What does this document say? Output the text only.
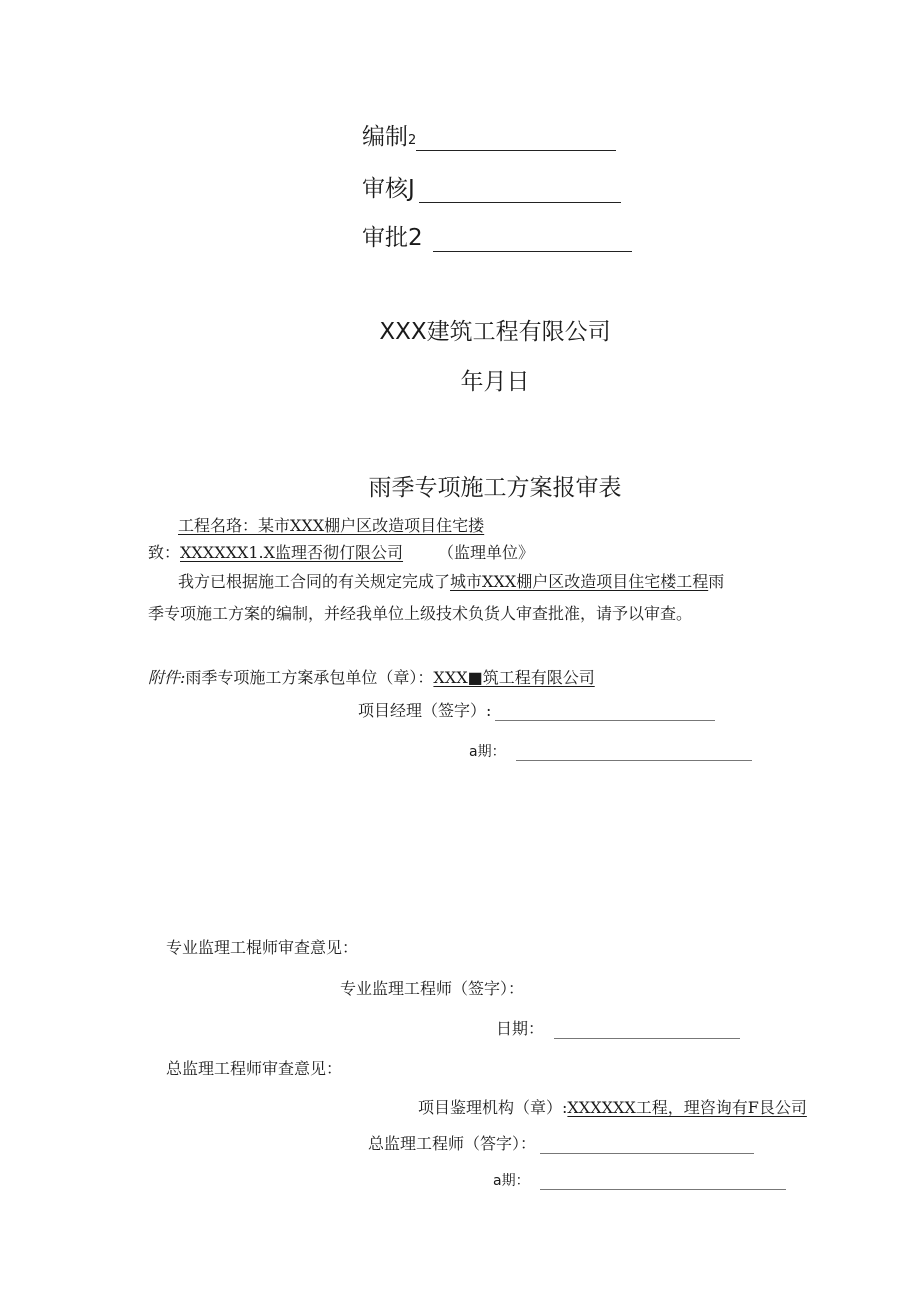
编制2
审核J
审批2
XXX建筑工程有限公司
年月日
雨季专项施工方案报审表
工程名珞：某市XXX棚户区改造项目住宅搂
致：XXXXXX1.X监理否彻仃限公司 （监理单位》
我方已根据施工合同的有关规定完成了城市XXX棚户区改造项目住宅楼工程雨
季专项施工方案的编制，并经我单位上级技术负货人审查批准，请予以审查。
附件:雨季专项施工方案承包单位（章）：XXX■筑工程有限公司
项目经理（签字）:
a期：
专业监理工棍师审查意见：
专业监理工程师（签字）：
日期：
总监理工程师审查意见：
项目鉴理机构（章）:XXXXXX工程，理咨询有F艮公司
总监理工程师（答字）：
a期：
